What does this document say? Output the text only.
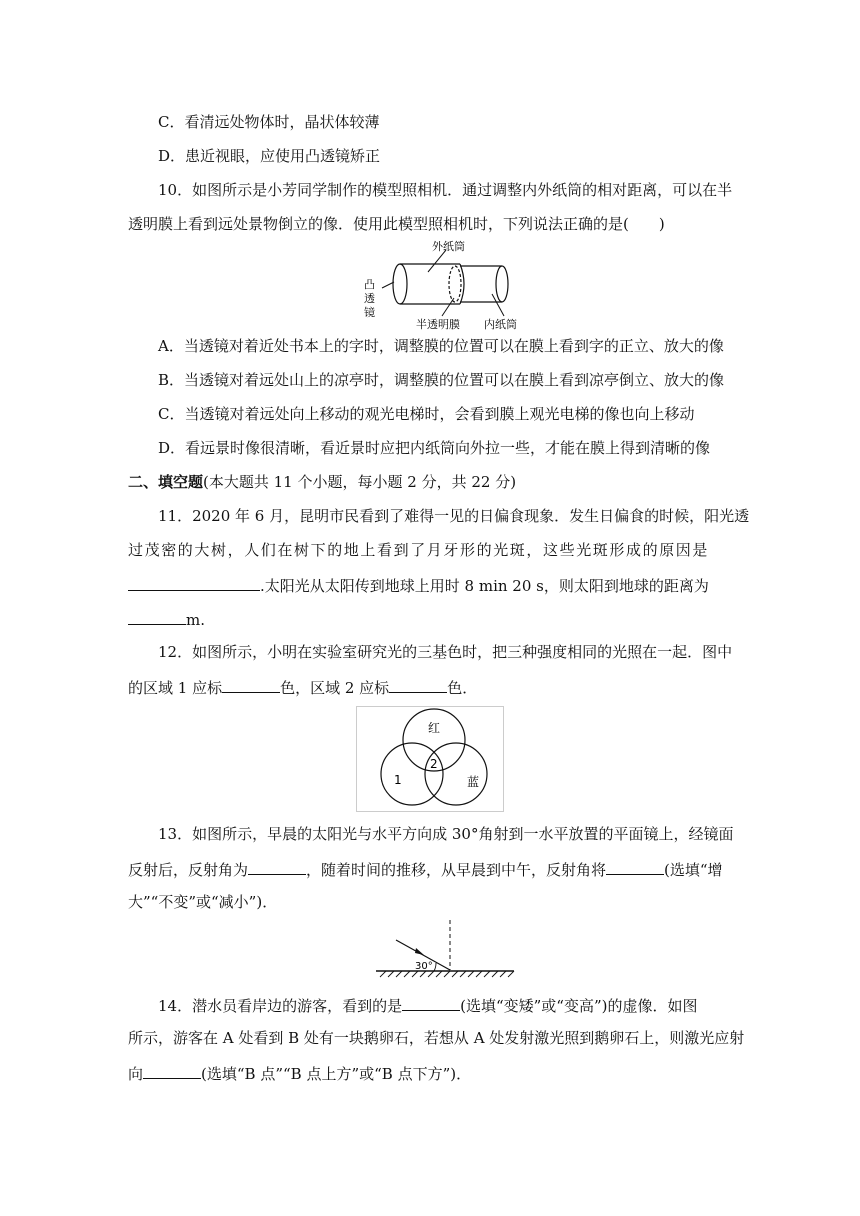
C．看清远处物体时，晶状体较薄
D．患近视眼，应使用凸透镜矫正
10．如图所示是小芳同学制作的模型照相机．通过调整内外纸筒的相对距离，可以在半
透明膜上看到远处景物倒立的像．使用此模型照相机时，下列说法正确的是(　　)
外纸筒
凸
透
镜
半透明膜 内纸筒
A．当透镜对着近处书本上的字时，调整膜的位置可以在膜上看到字的正立、放大的像
B．当透镜对着远处山上的凉亭时，调整膜的位置可以在膜上看到凉亭倒立、放大的像
C．当透镜对着远处向上移动的观光电梯时，会看到膜上观光电梯的像也向上移动
D．看远景时像很清晰，看近景时应把内纸筒向外拉一些，才能在膜上得到清晰的像
二、填空题(本大题共 11 个小题，每小题 2 分，共 22 分)
11．2020 年 6 月，昆明市民看到了难得一见的日偏食现象．发生日偏食的时候，阳光透
过茂密的大树，人们在树下的地上看到了月牙形的光斑，这些光斑形成的原因是
.太阳光从太阳传到地球上用时 8 min 20 s，则太阳到地球的距离为
m.
12．如图所示，小明在实验室研究光的三基色时，把三种强度相同的光照在一起．图中
的区域 1 应标	色，区域 2 应标	色．
红
蓝
1
2
13．如图所示，早晨的太阳光与水平方向成 30°角射到一水平放置的平面镜上，经镜面
反射后，反射角为	，随着时间的推移，从早晨到中午，反射角将	(选填“增
大”“不变”或“减小”)．
30°
14．潜水员看岸边的游客，看到的是	(选填“变矮”或“变高”)的虚像．如图
所示，游客在 A 处看到 B 处有一块鹅卵石，若想从 A 处发射激光照到鹅卵石上，则激光应射
向	(选填“B 点”“B 点上方”或“B 点下方”)．
